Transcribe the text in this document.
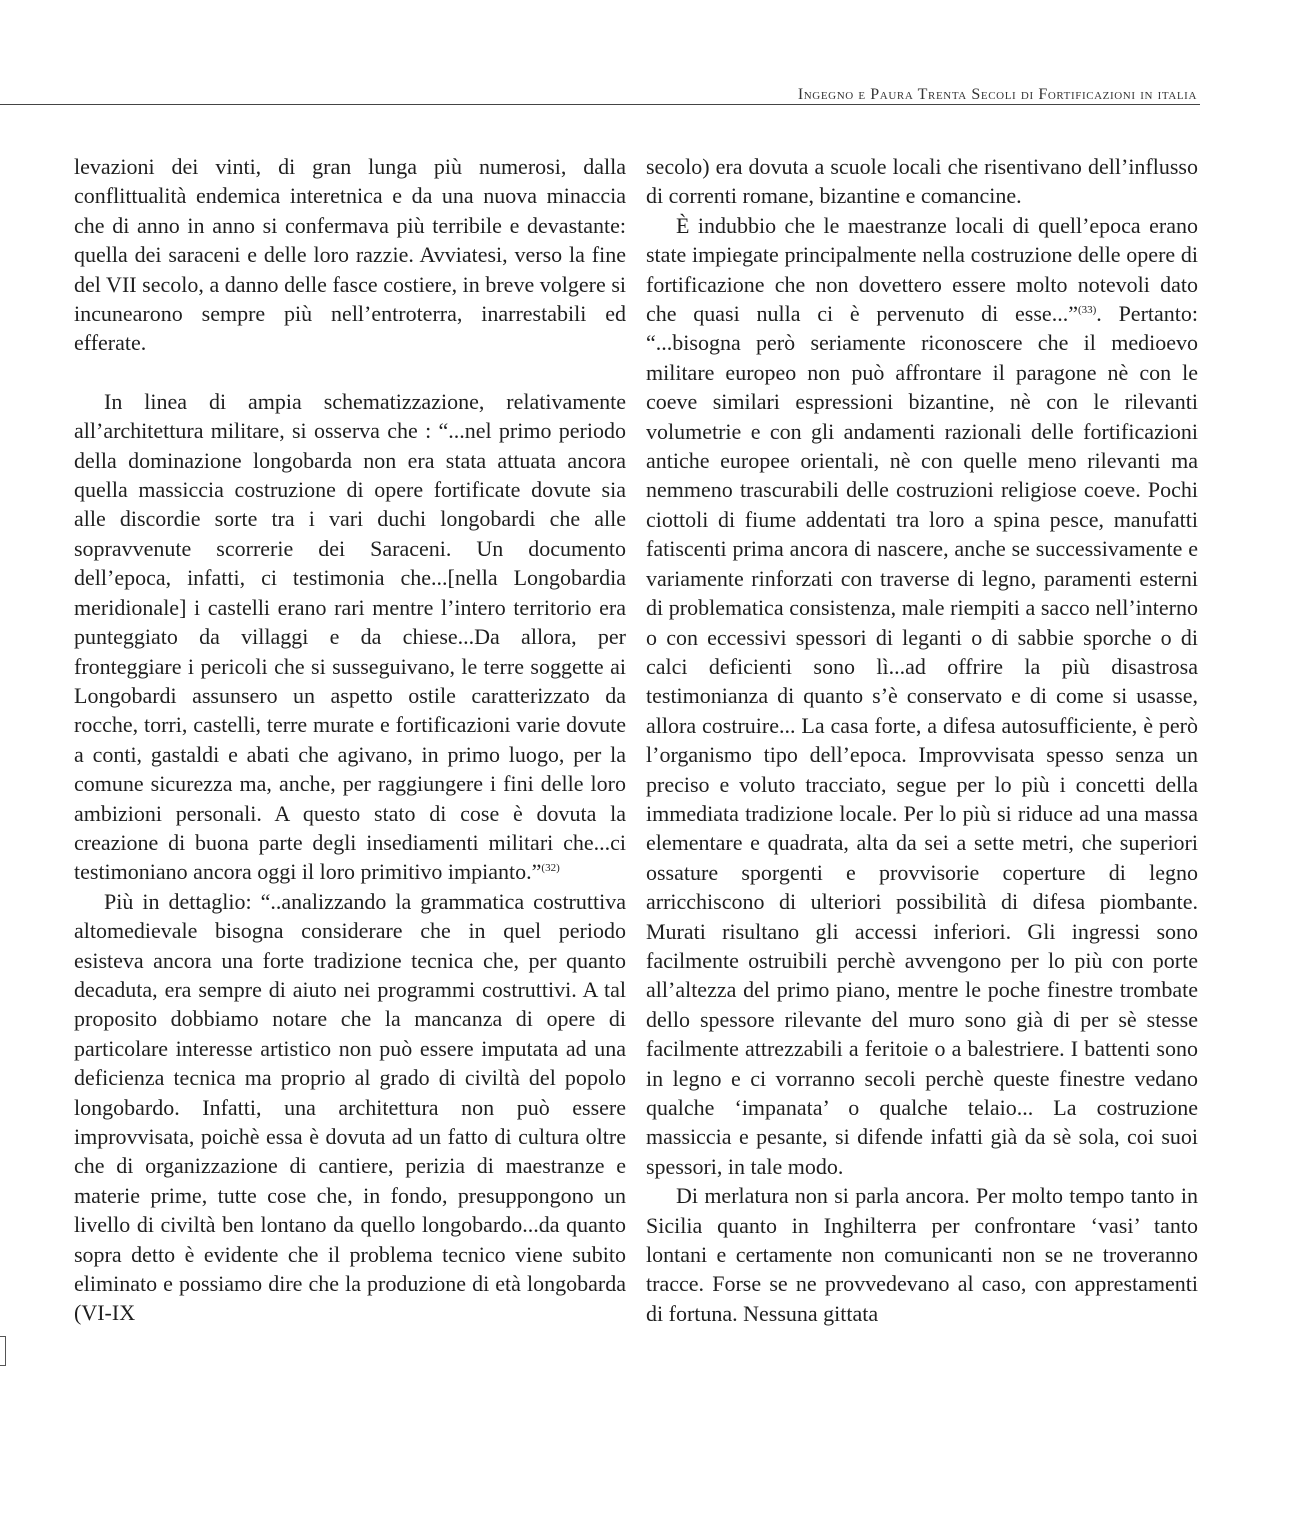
Ingegno e Paura Trenta Secoli di Fortificazioni in italia

levazioni dei vinti, di gran lunga più numerosi, dalla conflittualità endemica interetnica e da una nuova minaccia che di anno in anno si confermava più terribile e devastante: quella dei saraceni e delle loro razzie. Avviatesi, verso la fine del VII secolo, a danno delle fasce costiere, in breve volgere si incunearono sempre più nell’entroterra, inarrestabili ed efferate.

In linea di ampia schematizzazione, relativamente all’architettura militare, si osserva che : “...nel primo periodo della dominazione longobarda non era stata attuata ancora quella massiccia costruzione di opere fortificate dovute sia alle discordie sorte tra i vari duchi longobardi che alle sopravvenute scorrerie dei Saraceni. Un documento dell’epoca, infatti, ci testimonia che...[nella Longobardia meridionale] i castelli erano rari mentre l’intero territorio era punteggiato da villaggi e da chiese...Da allora, per fronteggiare i pericoli che si susseguivano, le terre soggette ai Longobardi assunsero un aspetto ostile caratterizzato da rocche, torri, castelli, terre murate e fortificazioni varie dovute a conti, gastaldi e abati che agivano, in primo luogo, per la comune sicurezza ma, anche, per raggiungere i fini delle loro ambizioni personali. A questo stato di cose è dovuta la creazione di buona parte degli insediamenti militari che...ci testimoniano ancora oggi il loro primitivo impianto.”$^{(32)}$

Più in dettaglio: “..analizzando la grammatica costruttiva altomedievale bisogna considerare che in quel periodo esisteva ancora una forte tradizione tecnica che, per quanto decaduta, era sempre di aiuto nei programmi costruttivi. A tal proposito dobbiamo notare che la mancanza di opere di particolare interesse artistico non può essere imputata ad una deficienza tecnica ma proprio al grado di civiltà del popolo longobardo. Infatti, una architettura non può essere improvvisata, poichè essa è dovuta ad un fatto di cultura oltre che di organizzazione di cantiere, perizia di maestranze e materie prime, tutte cose che, in fondo, presuppongono un livello di civiltà ben lontano da quello longobardo...da quanto sopra detto è evidente che il problema tecnico viene subito eliminato e possiamo dire che la produzione di età longobarda (VI-IX

secolo) era dovuta a scuole locali che risentivano dell’influsso di correnti romane, bizantine e comancine.

È indubbio che le maestranze locali di quell’epoca erano state impiegate principalmente nella costruzione delle opere di fortificazione che non dovettero essere molto notevoli dato che quasi nulla ci è pervenuto di esse...”$^{(33)}$. Pertanto: “...bisogna però seriamente riconoscere che il medioevo militare europeo non può affrontare il paragone nè con le coeve similari espressioni bizantine, nè con le rilevanti volumetrie e con gli andamenti razionali delle fortificazioni antiche europee orientali, nè con quelle meno rilevanti ma nemmeno trascurabili delle costruzioni religiose coeve. Pochi ciottoli di fiume addentati tra loro a spina pesce, manufatti fatiscenti prima ancora di nascere, anche se successivamente e variamente rinforzati con traverse di legno, paramenti esterni di problematica consistenza, male riempiti a sacco nell’interno o con eccessivi spessori di leganti o di sabbie sporche o di calci deficienti sono lì...ad offrire la più disastrosa testimonianza di quanto s’è conservato e di come si usasse, allora costruire... La casa forte, a difesa autosufficiente, è però l’organismo tipo dell’epoca. Improvvisata spesso senza un preciso e voluto tracciato, segue per lo più i concetti della immediata tradizione locale. Per lo più si riduce ad una massa elementare e quadrata, alta da sei a sette metri, che superiori ossature sporgenti e provvisorie coperture di legno arricchiscono di ulteriori possibilità di difesa piombante. Murati risultano gli accessi inferiori. Gli ingressi sono facilmente ostruibili perchè avvengono per lo più con porte all’altezza del primo piano, mentre le poche finestre trombate dello spessore rilevante del muro sono già di per sè stesse facilmente attrezzabili a feritoie o a balestriere. I battenti sono in legno e ci vorranno secoli perchè queste finestre vedano qualche ‘impanata’ o qualche telaio... La costruzione massiccia e pesante, si difende infatti già da sè sola, coi suoi spessori, in tale modo.

Di merlatura non si parla ancora. Per molto tempo tanto in Sicilia quanto in Inghilterra per confrontare ‘vasi’ tanto lontani e certamente non comunicanti non se ne troveranno tracce. Forse se ne provvedevano al caso, con apprestamenti di fortuna. Nessuna gittata
